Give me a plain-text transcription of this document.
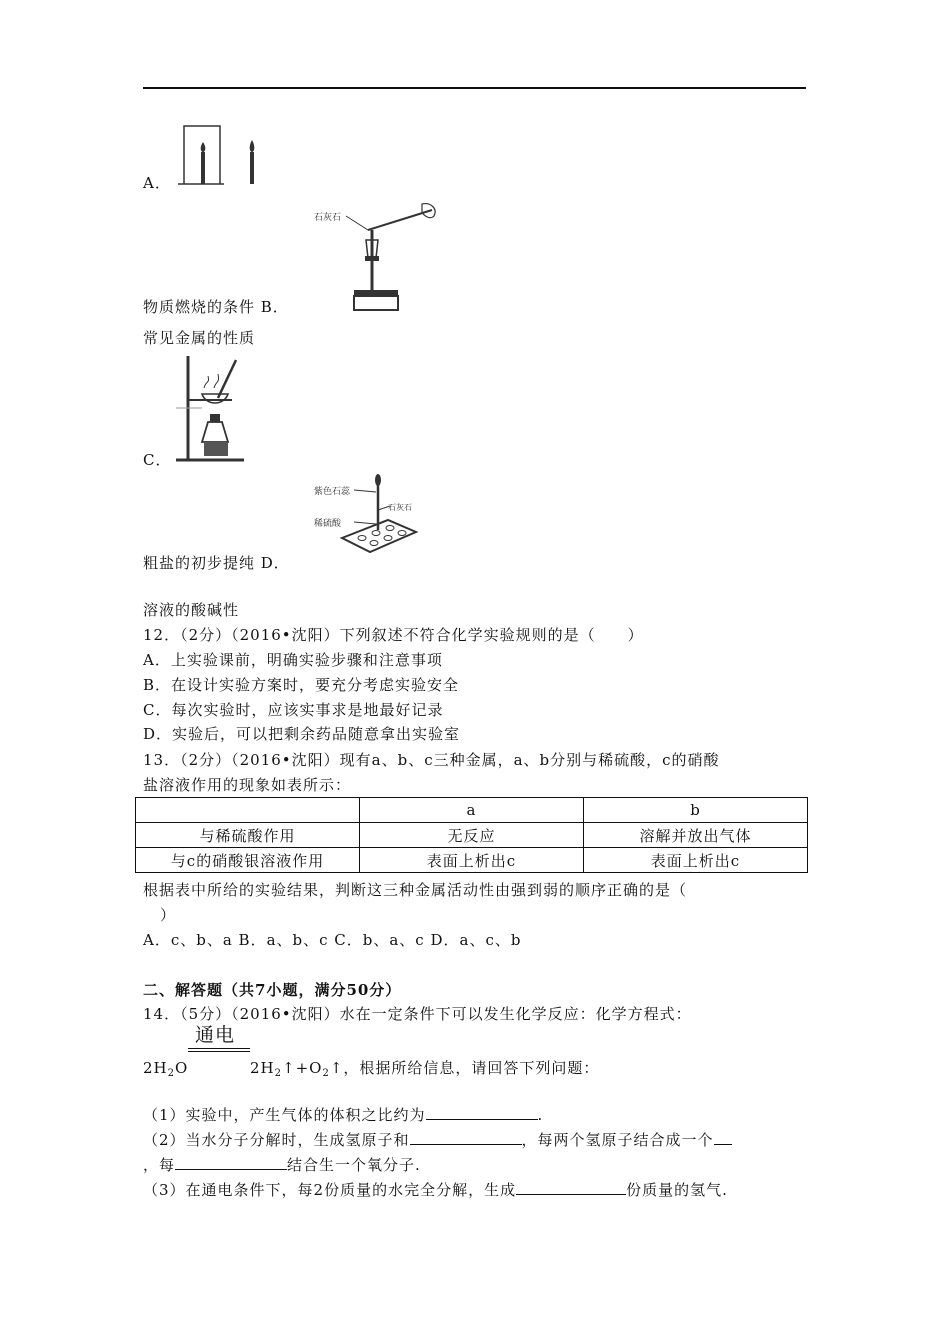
A．
石灰石
物质燃烧的条件 B．
常见金属的性质
C．
紫色石蕊
稀硫酸
石灰石
粗盐的初步提纯 D．
溶液的酸碱性
12．（2分）（2016•沈阳）下列叙述不符合化学实验规则的是（　　）
A．上实验课前，明确实验步骤和注意事项
B．在设计实验方案时，要充分考虑实验安全
C．每次实验时，应该实事求是地最好记录
D．实验后，可以把剩余药品随意拿出实验室
13．（2分）（2016•沈阳）现有a、b、c三种金属，a、b分别与稀硫酸，c的硝酸
盐溶液作用的现象如表所示：
	a	b
与稀硫酸作用	无反应	溶解并放出气体
与c的硝酸银溶液作用	表面上析出c	表面上析出c
根据表中所给的实验结果，判断这三种金属活动性由强到弱的顺序正确的是（
）
A．c、b、a B．a、b、c C．b、a、c D．a、c、b
二、解答题（共7小题，满分50分）
14．（5分）（2016•沈阳）水在一定条件下可以发生化学反应：化学方程式：
通电
$2H_2O$	$2H_2↑+O_2↑$，根据所给信息，请回答下列问题：
（1）实验中，产生气体的体积之比约为	.
（2）当水分子分解时，生成氢原子和	，每两个氢原子结合成一个
，每	结合生一个氧分子.
（3）在通电条件下，每2份质量的水完全分解，生成	份质量的氢气.
